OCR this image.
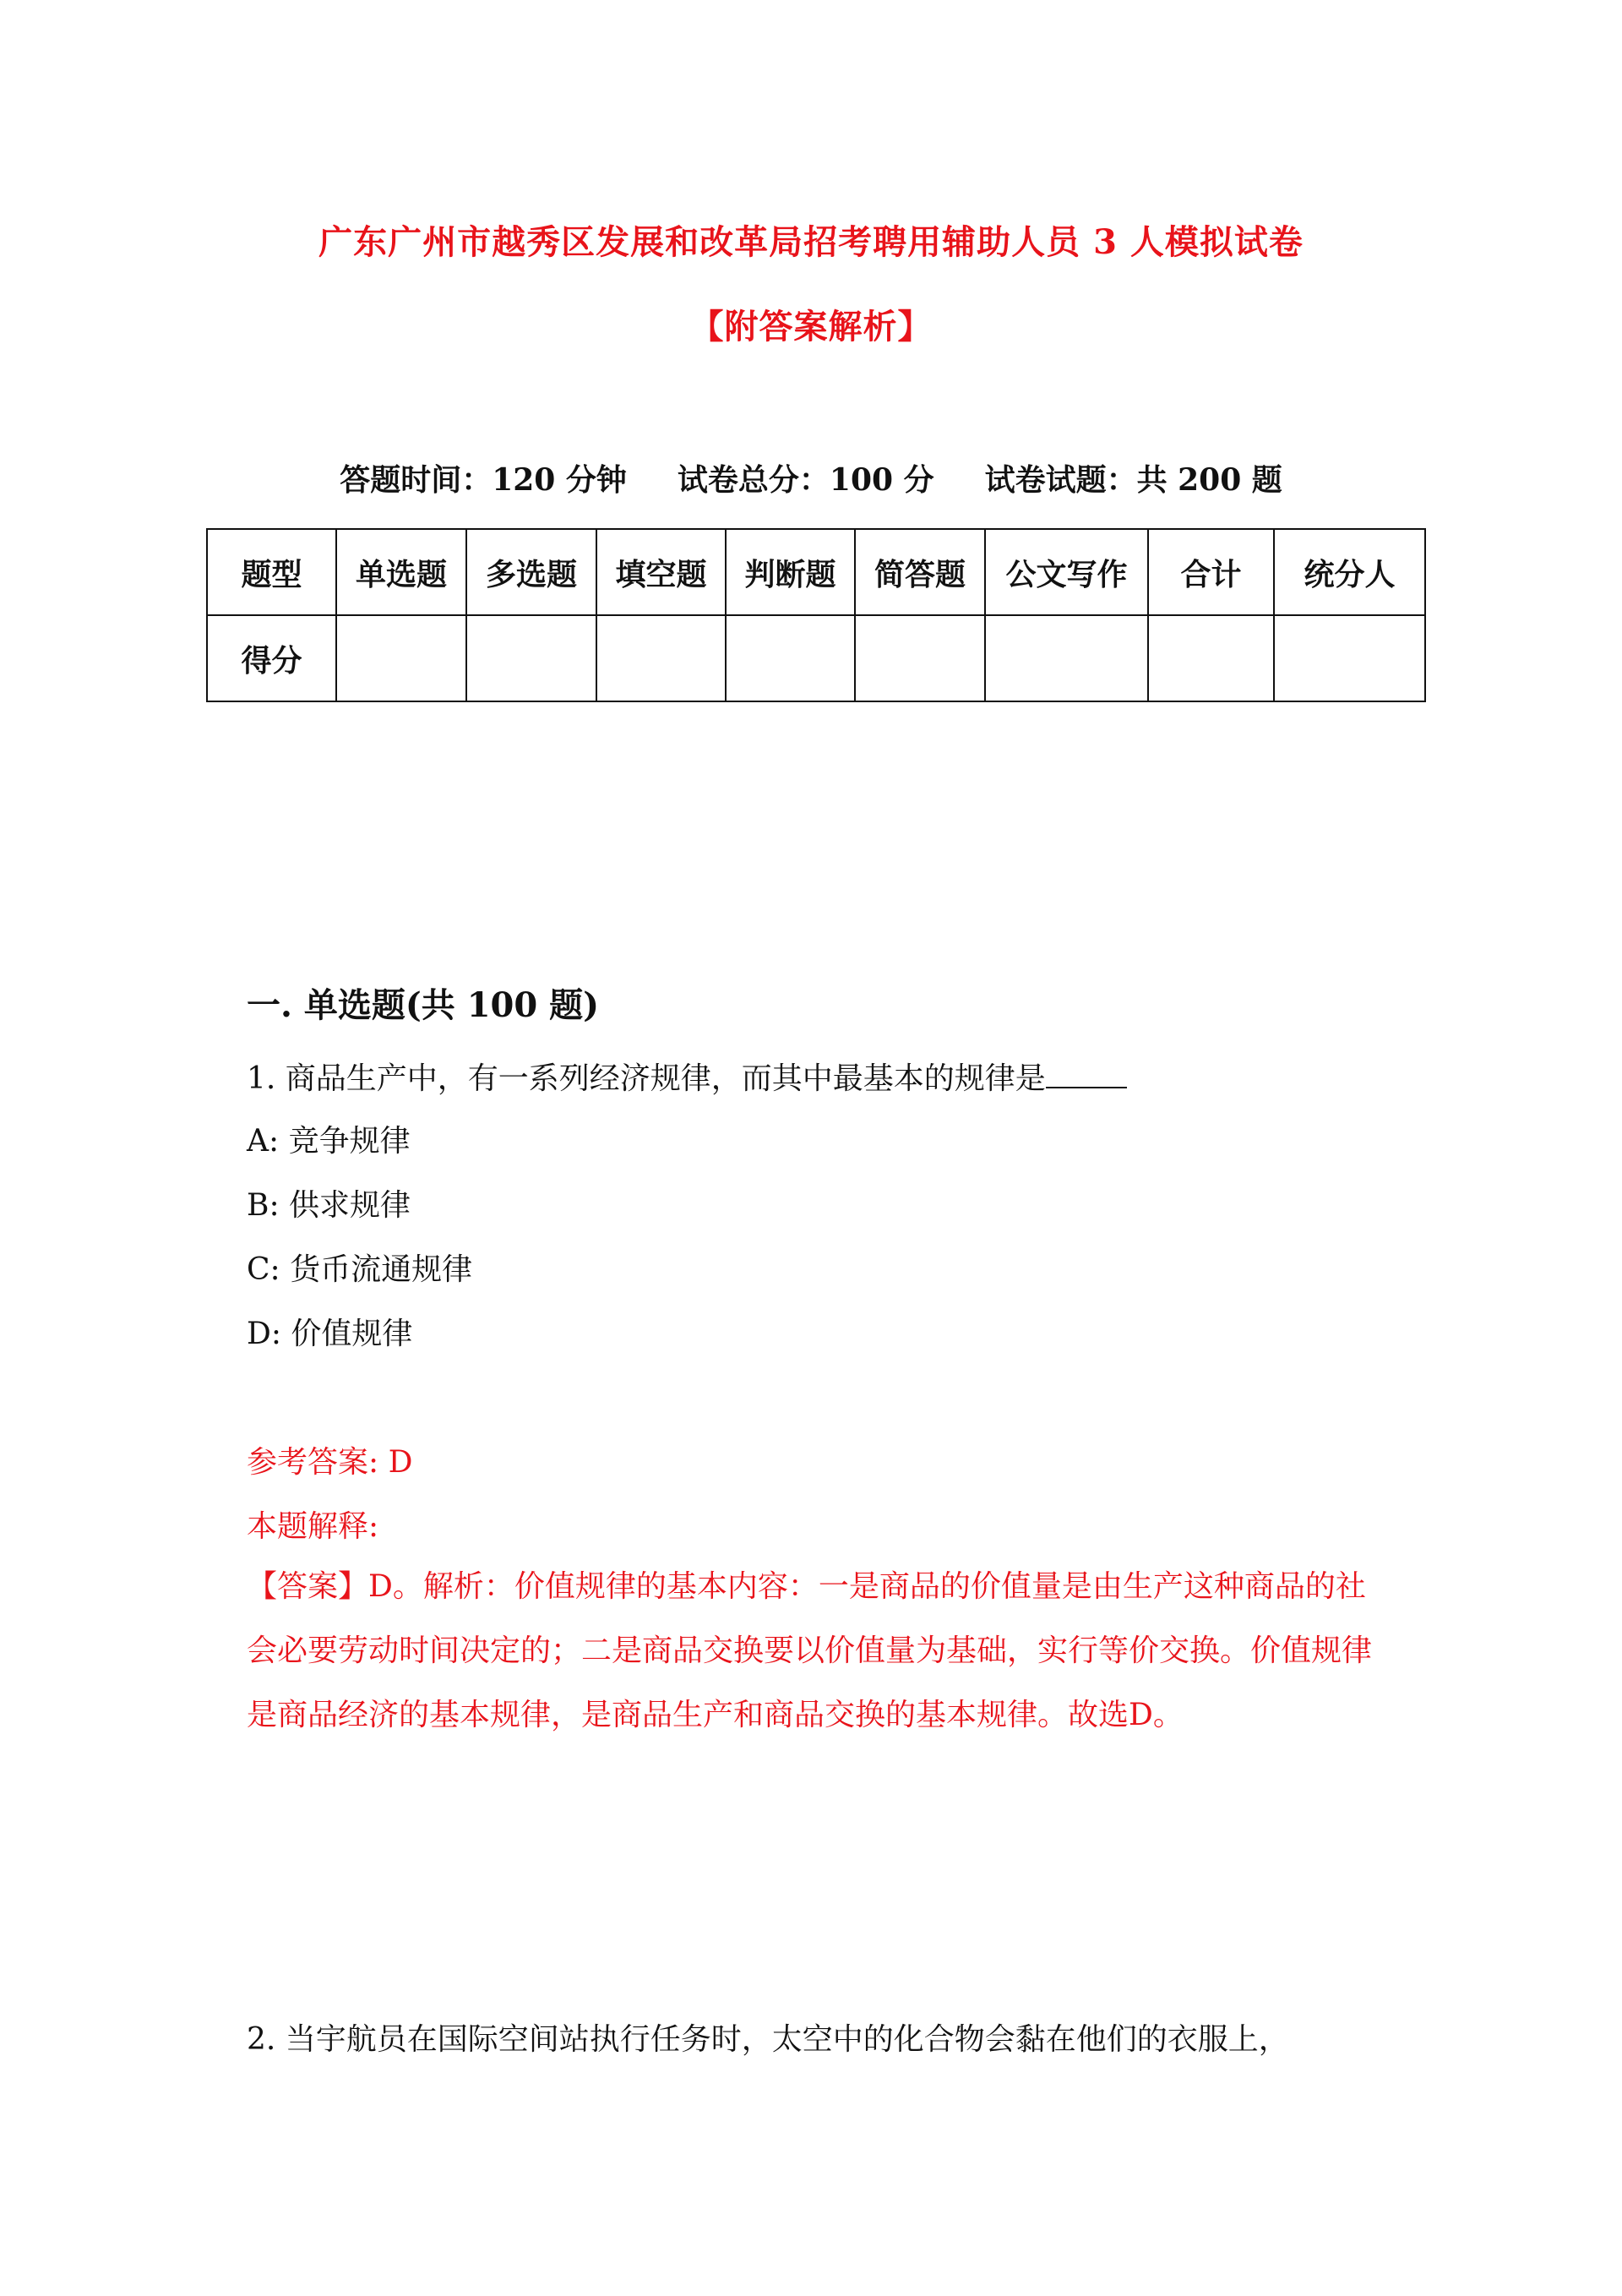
广东广州市越秀区发展和改革局招考聘用辅助人员 3 人模拟试卷
【附答案解析】
答题时间：120 分钟 试卷总分：100 分 试卷试题：共 200 题
题型	单选题	多选题	填空题	判断题	简答题	公文写作	合计	统分人
得分								
一. 单选题(共 100 题)
1. 商品生产中，有一系列经济规律，而其中最基本的规律是
A: 竞争规律
B: 供求规律
C: 货币流通规律
D: 价值规律
参考答案: D
本题解释:
【答案】D。解析：价值规律的基本内容：一是商品的价值量是由生产这种商品的社会必要劳动时间决定的；二是商品交换要以价值量为基础，实行等价交换。价值规律是商品经济的基本规律，是商品生产和商品交换的基本规律。故选D。
2. 当宇航员在国际空间站执行任务时，太空中的化合物会黏在他们的衣服上，
